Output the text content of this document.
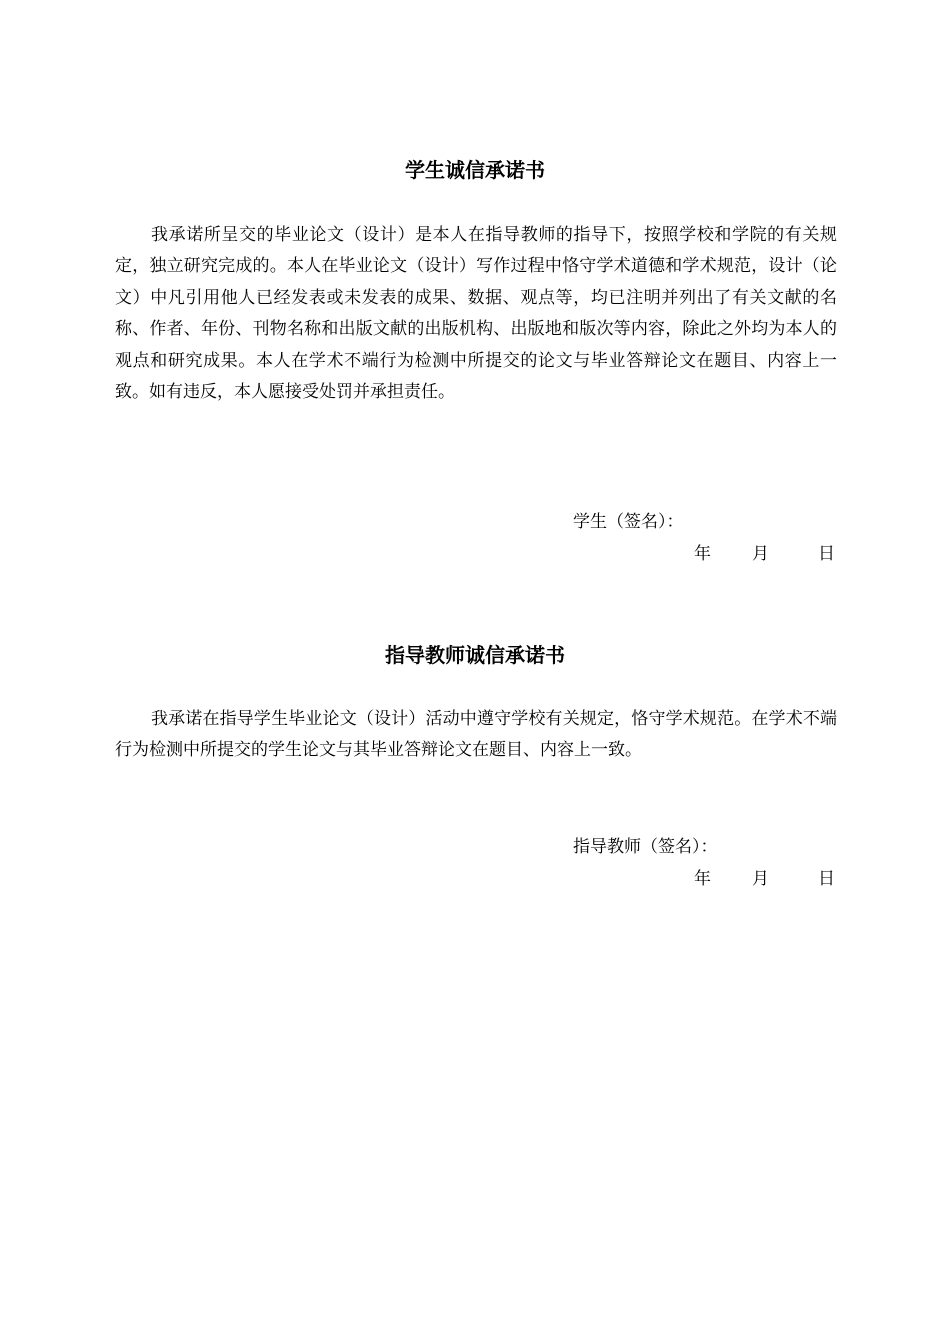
学生诚信承诺书

我承诺所呈交的毕业论文（设计）是本人在指导教师的指导下，按照学校和学院的有关规定，独立研究完成的。本人在毕业论文（设计）写作过程中恪守学术道德和学术规范，设计（论文）中凡引用他人已经发表或未发表的成果、数据、观点等，均已注明并列出了有关文献的名称、作者、年份、刊物名称和出版文献的出版机构、出版地和版次等内容，除此之外均为本人的观点和研究成果。本人在学术不端行为检测中所提交的论文与毕业答辩论文在题目、内容上一致。如有违反，本人愿接受处罚并承担责任。

学生（签名）：
年 月	日
指导教师诚信承诺书

我承诺在指导学生毕业论文（设计）活动中遵守学校有关规定，恪守学术规范。在学术不端行为检测中所提交的学生论文与其毕业答辩论文在题目、内容上一致。

指导教师（签名）：
年 月	日
